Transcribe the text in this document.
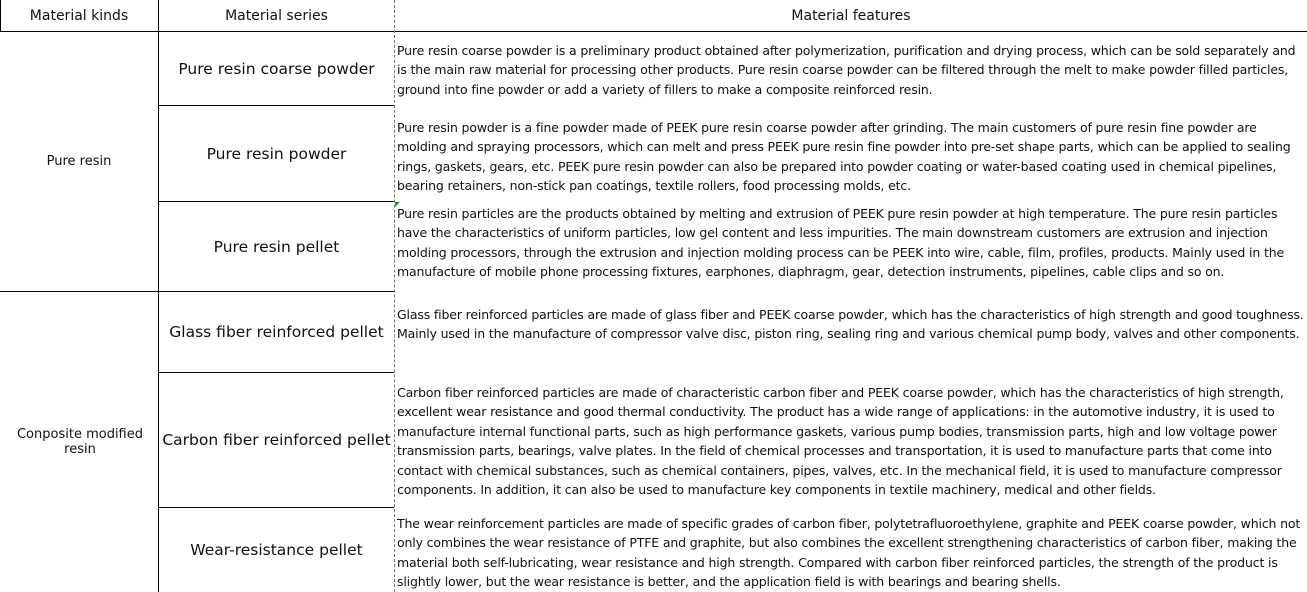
Material kinds	Material series	Material features
Pure resin
Conposite modified resin
Pure resin coarse powder
Pure resin powder
Pure resin pellet
Glass fiber reinforced pellet
Carbon fiber reinforced pellet
Wear-resistance pellet
Pure resin coarse powder is a preliminary product obtained after polymerization, purification and drying process, which can be sold separately and is the main raw material for processing other products. Pure resin coarse powder can be filtered through the melt to make powder filled particles, ground into fine powder or add a variety of fillers to make a composite reinforced resin.
Pure resin powder is a fine powder made of PEEK pure resin coarse powder after grinding. The main customers of pure resin fine powder are molding and spraying processors, which can melt and press PEEK pure resin fine powder into pre-set shape parts, which can be applied to sealing rings, gaskets, gears, etc. PEEK pure resin powder can also be prepared into powder coating or water-based coating used in chemical pipelines, bearing retainers, non-stick pan coatings, textile rollers, food processing molds, etc.
Pure resin particles are the products obtained by melting and extrusion of PEEK pure resin powder at high temperature. The pure resin particles have the characteristics of uniform particles, low gel content and less impurities. The main downstream customers are extrusion and injection molding processors, through the extrusion and injection molding process can be PEEK into wire, cable, film, profiles, products. Mainly used in the manufacture of mobile phone processing fixtures, earphones, diaphragm, gear, detection instruments, pipelines, cable clips and so on.
Glass fiber reinforced particles are made of glass fiber and PEEK coarse powder, which has the characteristics of high strength and good toughness. Mainly used in the manufacture of compressor valve disc, piston ring, sealing ring and various chemical pump body, valves and other components.
Carbon fiber reinforced particles are made of characteristic carbon fiber and PEEK coarse powder, which has the characteristics of high strength, excellent wear resistance and good thermal conductivity. The product has a wide range of applications: in the automotive industry, it is used to manufacture internal functional parts, such as high performance gaskets, various pump bodies, transmission parts, high and low voltage power transmission parts, bearings, valve plates. In the field of chemical processes and transportation, it is used to manufacture parts that come into contact with chemical substances, such as chemical containers, pipes, valves, etc. In the mechanical field, it is used to manufacture compressor components. In addition, it can also be used to manufacture key components in textile machinery, medical and other fields.
The wear reinforcement particles are made of specific grades of carbon fiber, polytetrafluoroethylene, graphite and PEEK coarse powder, which not only combines the wear resistance of PTFE and graphite, but also combines the excellent strengthening characteristics of carbon fiber, making the material both self-lubricating, wear resistance and high strength. Compared with carbon fiber reinforced particles, the strength of the product is slightly lower, but the wear resistance is better, and the application field is with bearings and bearing shells.
